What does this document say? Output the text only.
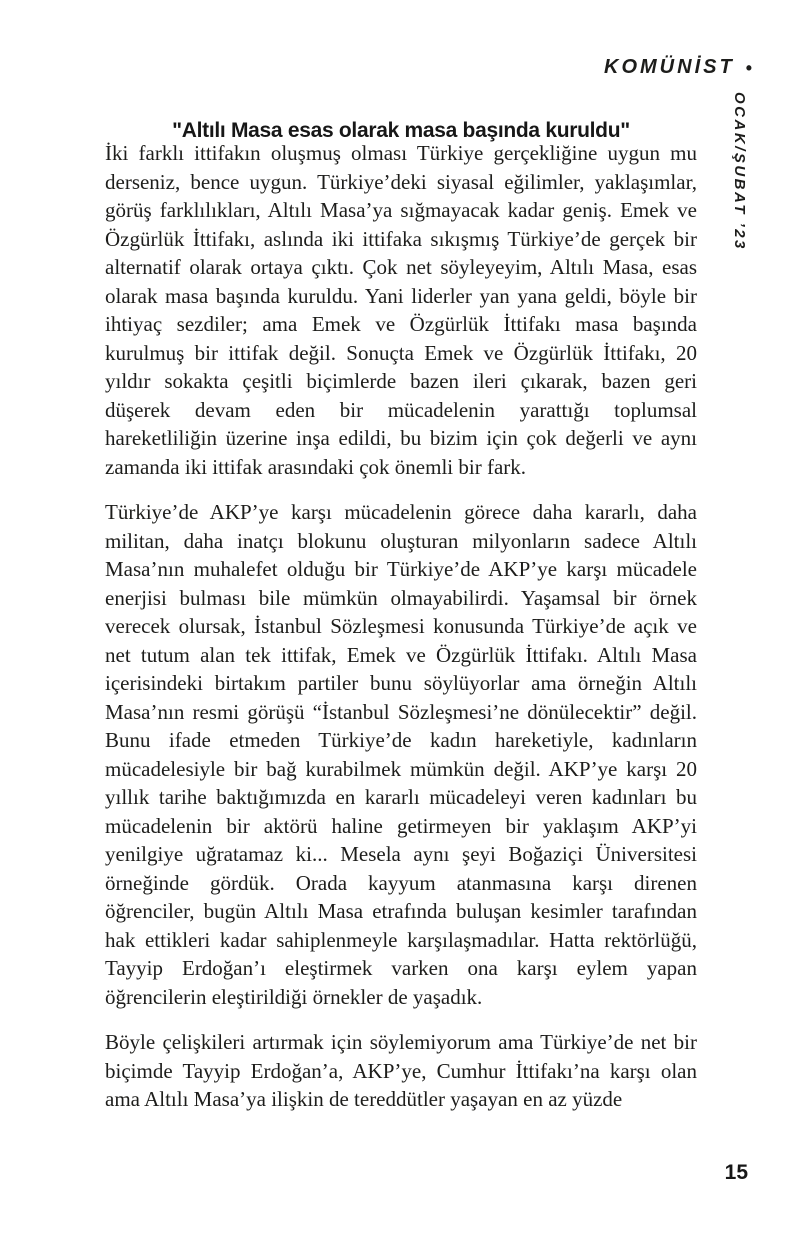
KOMÜNİST •
OCAK/ŞUBAT ’23
"Altılı Masa esas olarak masa başında kuruldu"

İki farklı ittifakın oluşmuş olması Türkiye gerçekliğine uygun mu derseniz, bence uygun. Türkiye’deki siyasal eğilimler, yaklaşımlar, görüş farklılıkları, Altılı Masa’ya sığmayacak kadar geniş. Emek ve Özgürlük İttifakı, aslında iki ittifaka sıkışmış Türkiye’de gerçek bir alternatif olarak ortaya çıktı. Çok net söyleyeyim, Altılı Masa, esas olarak masa başında kuruldu. Yani liderler yan yana geldi, böyle bir ihtiyaç sezdiler; ama Emek ve Özgürlük İttifakı masa başında kurulmuş bir ittifak değil. Sonuçta Emek ve Özgürlük İttifakı, 20 yıldır sokakta çeşitli biçimlerde bazen ileri çıkarak, bazen geri düşerek devam eden bir mücadelenin yarattığı toplumsal hareketliliğin üzerine inşa edildi, bu bizim için çok değerli ve aynı zamanda iki ittifak arasındaki çok önemli bir fark.

Türkiye’de AKP’ye karşı mücadelenin görece daha kararlı, daha militan, daha inatçı blokunu oluşturan milyonların sadece Altılı Masa’nın muhalefet olduğu bir Türkiye’de AKP’ye karşı mücadele enerjisi bulması bile mümkün olmayabilirdi. Yaşamsal bir örnek verecek olursak, İstanbul Sözleşmesi konusunda Türkiye’de açık ve net tutum alan tek ittifak, Emek ve Özgürlük İttifakı. Altılı Masa içerisindeki birtakım partiler bunu söylüyorlar ama örneğin Altılı Masa’nın resmi görüşü “İstanbul Sözleşmesi’ne dönülecektir” değil. Bunu ifade etmeden Türkiye’de kadın hareketiyle, kadınların mücadelesiyle bir bağ kurabilmek mümkün değil. AKP’ye karşı 20 yıllık tarihe baktığımızda en kararlı mücadeleyi veren kadınları bu mücadelenin bir aktörü haline getirmeyen bir yaklaşım AKP’yi yenilgiye uğratamaz ki... Mesela aynı şeyi Boğaziçi Üniversitesi örneğinde gördük. Orada kayyum atanmasına karşı direnen öğrenciler, bugün Altılı Masa etrafında buluşan kesimler tarafından hak ettikleri kadar sahiplenmeyle karşılaşmadılar. Hatta rektörlüğü, Tayyip Erdoğan’ı eleştirmek varken ona karşı eylem yapan öğrencilerin eleştirildiği örnekler de yaşadık.

Böyle çelişkileri artırmak için söylemiyorum ama Türkiye’de net bir biçimde Tayyip Erdoğan’a, AKP’ye, Cumhur İttifakı’na karşı olan ama Altılı Masa’ya ilişkin de tereddütler yaşayan en az yüzde

15
